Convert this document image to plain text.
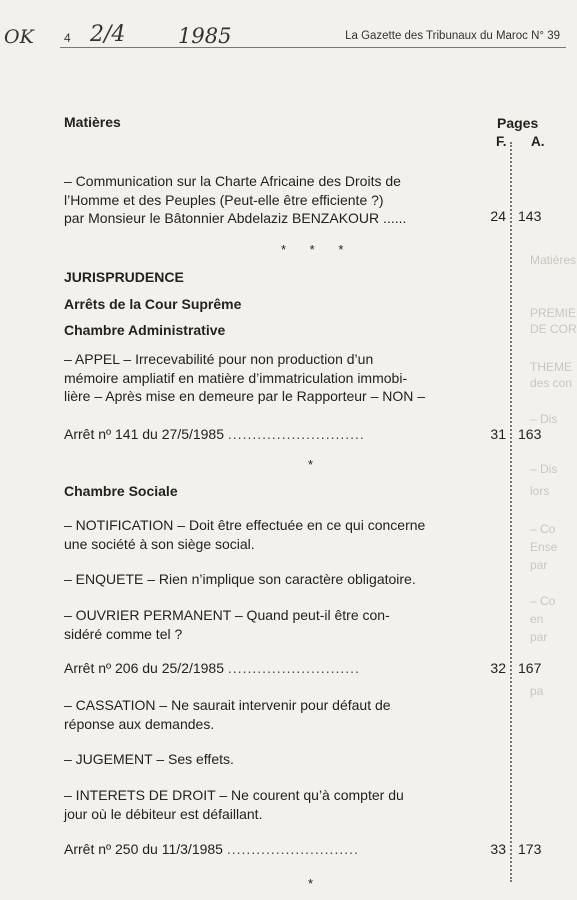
OK	2/4	1985
4	La Gazette des Tribunaux du Maroc N° 39
Matières	Pages
F. A.

– Communication sur la Charte Africaine des Droits de

l’Homme et des Peuples (Peut-elle être efficiente ?)

par Monsieur le Bâtonnier Abdelaziz BENZAKOUR ......	24 143
* * *
JURISPRUDENCE
Arrêts de la Cour Suprême
Chambre Administrative

– APPEL – Irrecevabilité pour non production d’un

mémoire ampliatif en matière d’immatriculation immobi-

lière – Après mise en demeure par le Rapporteur – NON –

Arrêt nº 141 du 27/5/1985 ............................	31 163
*
Chambre Sociale

– NOTIFICATION – Doit être effectuée en ce qui concerne

une société à son siège social.

– ENQUETE – Rien n’implique son caractère obligatoire.

– OUVRIER PERMANENT – Quand peut-il être con-

sidéré comme tel ?

Arrêt nº 206 du 25/2/1985 ...........................	32 167

– CASSATION – Ne saurait intervenir pour défaut de

réponse aux demandes.

– JUGEMENT – Ses effets.

– INTERETS DE DROIT – Ne courent qu’à compter du

jour où le débiteur est défaillant.

Arrêt nº 250 du 11/3/1985 ...........................	33 173
*
Matières
PREMIE
DE COR
THEME
des con
– Dis
– Dis
lors
– Co
Ense
par
– Co
en
par
pa
